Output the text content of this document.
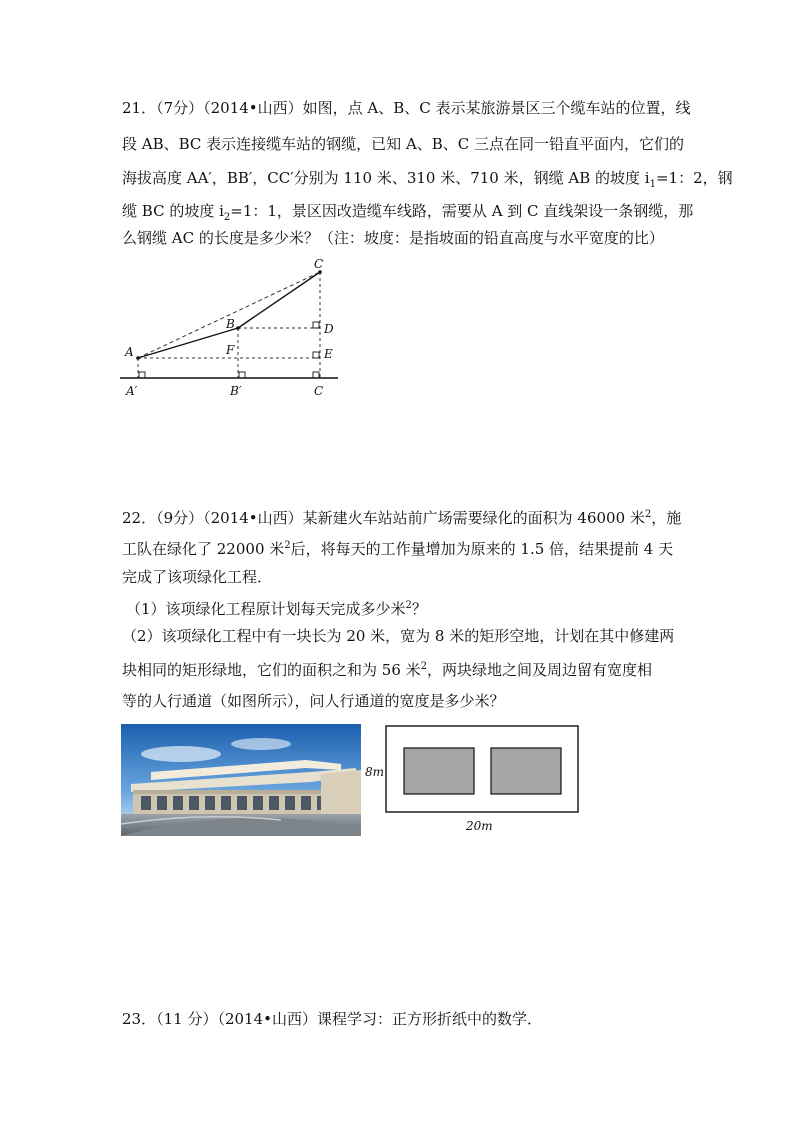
21．（7分）（2014•山西）如图，点 A、B、C 表示某旅游景区三个缆车站的位置，线
段 AB、BC 表示连接缆车站的钢缆，已知 A、B、C 三点在同一铅直平面内，它们的
海拔高度 AA′，BB′，CC′分别为 110 米、310 米、710 米，钢缆 AB 的坡度 $i_1=1$：2，钢
缆 BC 的坡度 $i_2=1$：1，景区因改造缆车线路，需要从 A 到 C 直线架设一条钢缆，那
么钢缆 AC 的长度是多少米？（注：坡度：是指坡面的铅直高度与水平宽度的比）
A
B
C
D
E
F
A′	B′	C
22．（9分）（2014•山西）某新建火车站站前广场需要绿化的面积为 46000 米$^2$，施
工队在绿化了 22000 米$^2$后，将每天的工作量增加为原来的 1.5 倍，结果提前 4 天
完成了该项绿化工程．
（1）该项绿化工程原计划每天完成多少米$^2$？
（2）该项绿化工程中有一块长为 20 米，宽为 8 米的矩形空地，计划在其中修建两
块相同的矩形绿地，它们的面积之和为 56 米$^2$，两块绿地之间及周边留有宽度相
等的人行通道（如图所示），问人行通道的宽度是多少米？
8m
20m
23．（11 分）（2014•山西）课程学习：正方形折纸中的数学．
